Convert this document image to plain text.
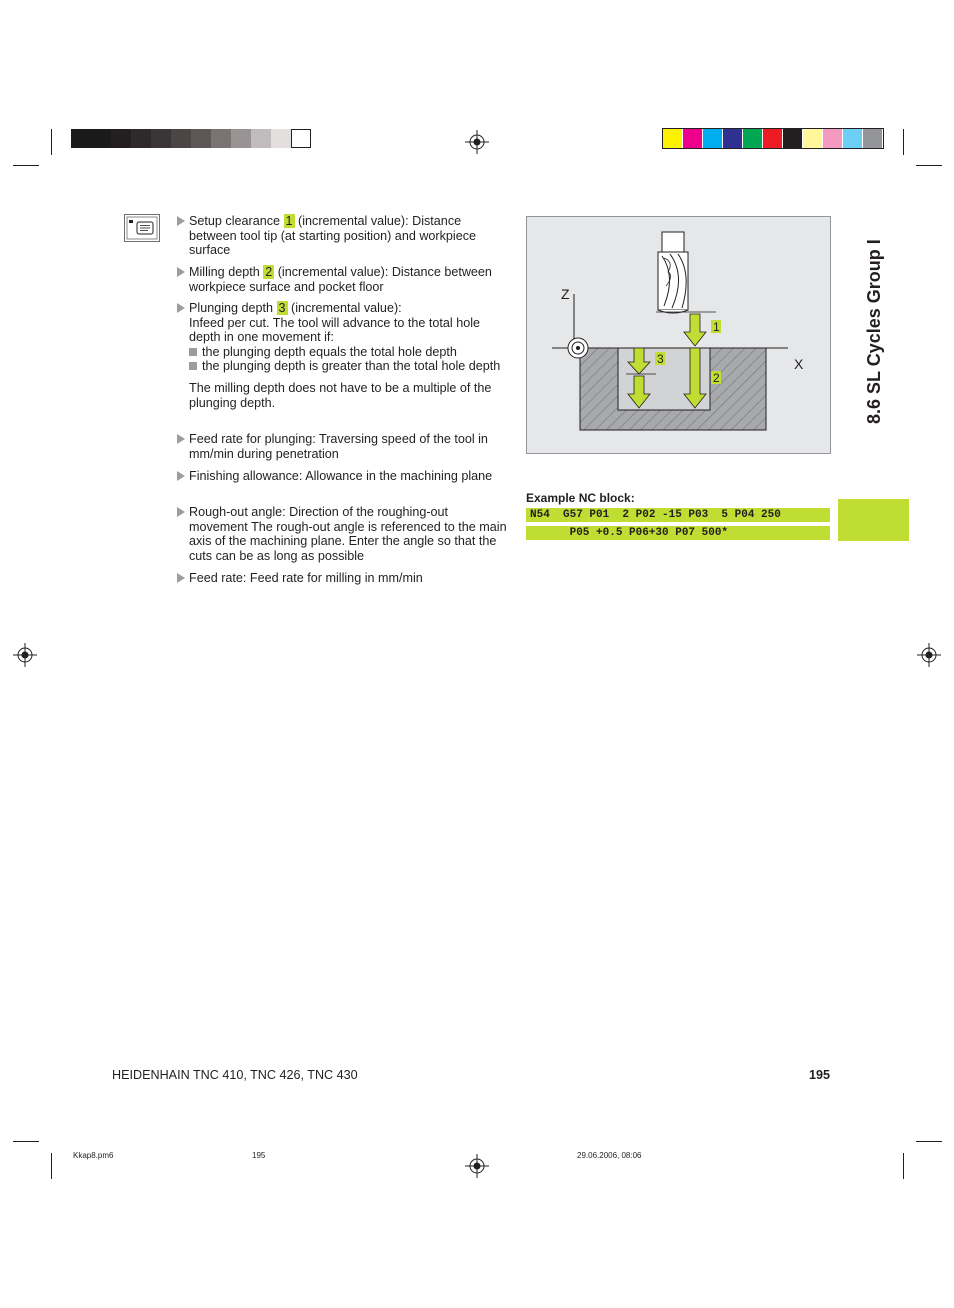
8.6 SL Cycles Group I
Setup clearance 1 (incremental value): Distance between tool tip (at starting position) and workpiece surface
Milling depth 2 (incremental value): Distance between workpiece surface and pocket floor
Plunging depth 3 (incremental value):
Infeed per cut. The tool will advance to the total hole depth in one movement if:
the plunging depth equals the total hole depth
the plunging depth is greater than the total hole depth
The milling depth does not have to be a multiple of the plunging depth.
Feed rate for plunging: Traversing speed of the tool in mm/min during penetration
Finishing allowance: Allowance in the machining plane
Rough-out angle: Direction of the roughing-out movement The rough-out angle is referenced to the main axis of the machining plane. Enter the angle so that the cuts can be as long as possible
Feed rate: Feed rate for milling in mm/min
Z
X
1
2
3
Example NC block:
N54  G57 P01  2 P02 -15 P03  5 P04 250
P05 +0.5 P06+30 P07 500*
HEIDENHAIN TNC 410, TNC 426, TNC 430	195
Kkap8.pm6	195	29.06.2006, 08:06
